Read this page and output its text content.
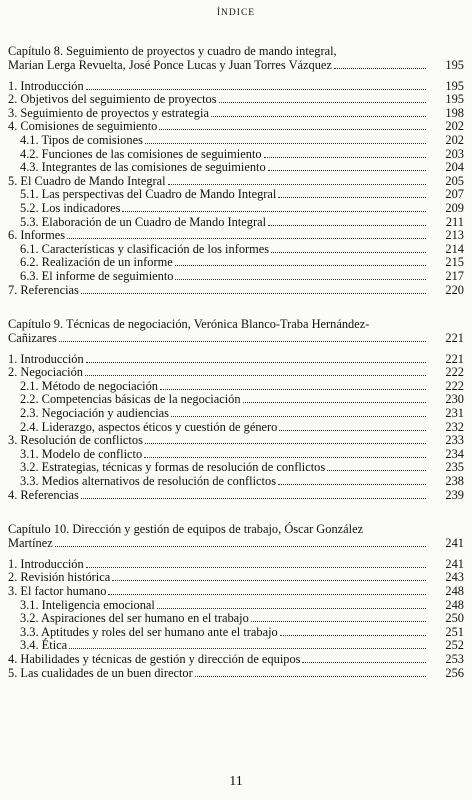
ÍNDICE
Capítulo 8. Seguimiento de proyectos y cuadro de mando integral,
Marian Lerga Revuelta, José Ponce Lucas y Juan Torres Vázquez	195
1. Introducción	195
2. Objetivos del seguimiento de proyectos	195
3. Seguimiento de proyectos y estrategia	198
4. Comisiones de seguimiento	202
4.1. Tipos de comisiones	202
4.2. Funciones de las comisiones de seguimiento	203
4.3. Integrantes de las comisiones de seguimiento	204
5. El Cuadro de Mando Integral	205
5.1. Las perspectivas del Cuadro de Mando Integral	207
5.2. Los indicadores	209
5.3. Elaboración de un Cuadro de Mando Integral	211
6. Informes	213
6.1. Características y clasificación de los informes	214
6.2. Realización de un informe	215
6.3. El informe de seguimiento	217
7. Referencias	220
Capítulo 9. Técnicas de negociación, Verónica Blanco-Traba Hernández-
Cañizares	221
1. Introducción	221
2. Negociación	222
2.1. Método de negociación	222
2.2. Competencias básicas de la negociación	230
2.3. Negociación y audiencias	231
2.4. Liderazgo, aspectos éticos y cuestión de género	232
3. Resolución de conflictos	233
3.1. Modelo de conflicto	234
3.2. Estrategias, técnicas y formas de resolución de conflictos	235
3.3. Medios alternativos de resolución de conflictos	238
4. Referencias	239
Capítulo 10. Dirección y gestión de equipos de trabajo, Óscar González
Martínez	241
1. Introducción	241
2. Revisión histórica	243
3. El factor humano	248
3.1. Inteligencia emocional	248
3.2. Aspiraciones del ser humano en el trabajo	250
3.3. Aptitudes y roles del ser humano ante el trabajo	251
3.4. Ética	252
4. Habilidades y técnicas de gestión y dirección de equipos	253
5. Las cualidades de un buen director	256
11
